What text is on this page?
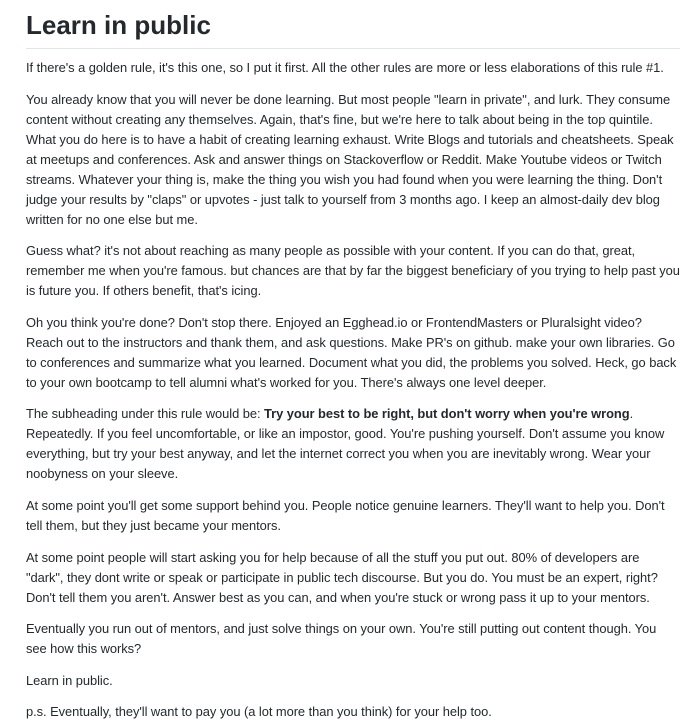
Learn in public

If there's a golden rule, it's this one, so I put it first. All the other rules are more or less elaborations of this rule #1.

You already know that you will never be done learning. But most people "learn in private", and lurk. They consume content without creating any themselves. Again, that's fine, but we're here to talk about being in the top quintile. What you do here is to have a habit of creating learning exhaust. Write Blogs and tutorials and cheatsheets. Speak at meetups and conferences. Ask and answer things on Stackoverflow or Reddit. Make Youtube videos or Twitch streams. Whatever your thing is, make the thing you wish you had found when you were learning the thing. Don't judge your results by "claps" or upvotes - just talk to yourself from 3 months ago. I keep an almost-daily dev blog written for no one else but me.

Guess what? it's not about reaching as many people as possible with your content. If you can do that, great, remember me when you're famous. but chances are that by far the biggest beneficiary of you trying to help past you is future you. If others benefit, that's icing.

Oh you think you're done? Don't stop there. Enjoyed an Egghead.io or FrontendMasters or Pluralsight video? Reach out to the instructors and thank them, and ask questions. Make PR's on github. make your own libraries. Go to conferences and summarize what you learned. Document what you did, the problems you solved. Heck, go back to your own bootcamp to tell alumni what's worked for you. There's always one level deeper.

The subheading under this rule would be: Try your best to be right, but don't worry when you're wrong. Repeatedly. If you feel uncomfortable, or like an impostor, good. You're pushing yourself. Don't assume you know everything, but try your best anyway, and let the internet correct you when you are inevitably wrong. Wear your noobyness on your sleeve.

At some point you'll get some support behind you. People notice genuine learners. They'll want to help you. Don't tell them, but they just became your mentors.

At some point people will start asking you for help because of all the stuff you put out. 80% of developers are "dark", they dont write or speak or participate in public tech discourse. But you do. You must be an expert, right? Don't tell them you aren't. Answer best as you can, and when you're stuck or wrong pass it up to your mentors.

Eventually you run out of mentors, and just solve things on your own. You're still putting out content though. You see how this works?

Learn in public.

p.s. Eventually, they'll want to pay you (a lot more than you think) for your help too.
